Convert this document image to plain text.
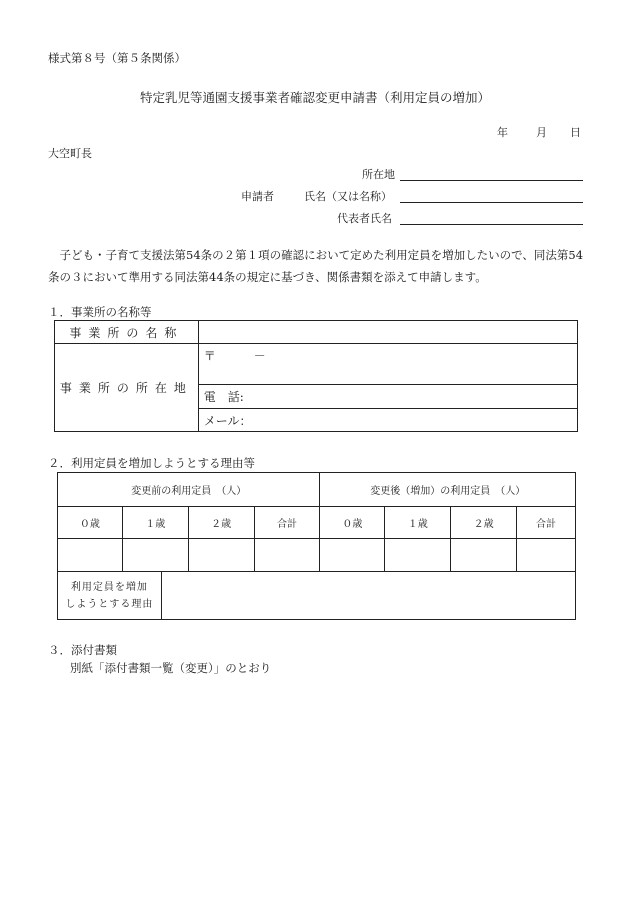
様式第８号（第５条関係）
特定乳児等通園支援事業者確認変更申請書（利用定員の増加）
年	月 日
大空町長
所在地
申請者	氏名（又は名称）
代表者氏名
　子ども・子育て支援法第54条の２第１項の確認において定めた利用定員を増加したいので、同法第54条の３において準用する同法第44条の規定に基づき、関係書類を添えて申請します。
１．事業所の名称等
事業所の名称	
事業所の所在地	〒 －
	電　話:
	メール：
２．利用定員を増加しようとする理由等
変更前の利用定員　（人）				変更後（増加）の利用定員　（人）			
０歳	１歳	２歳	合計	０歳	１歳	２歳	合計

利用定員を増加
しようとする理由

３．添付書類
別紙「添付書類一覧（変更）」のとおり
